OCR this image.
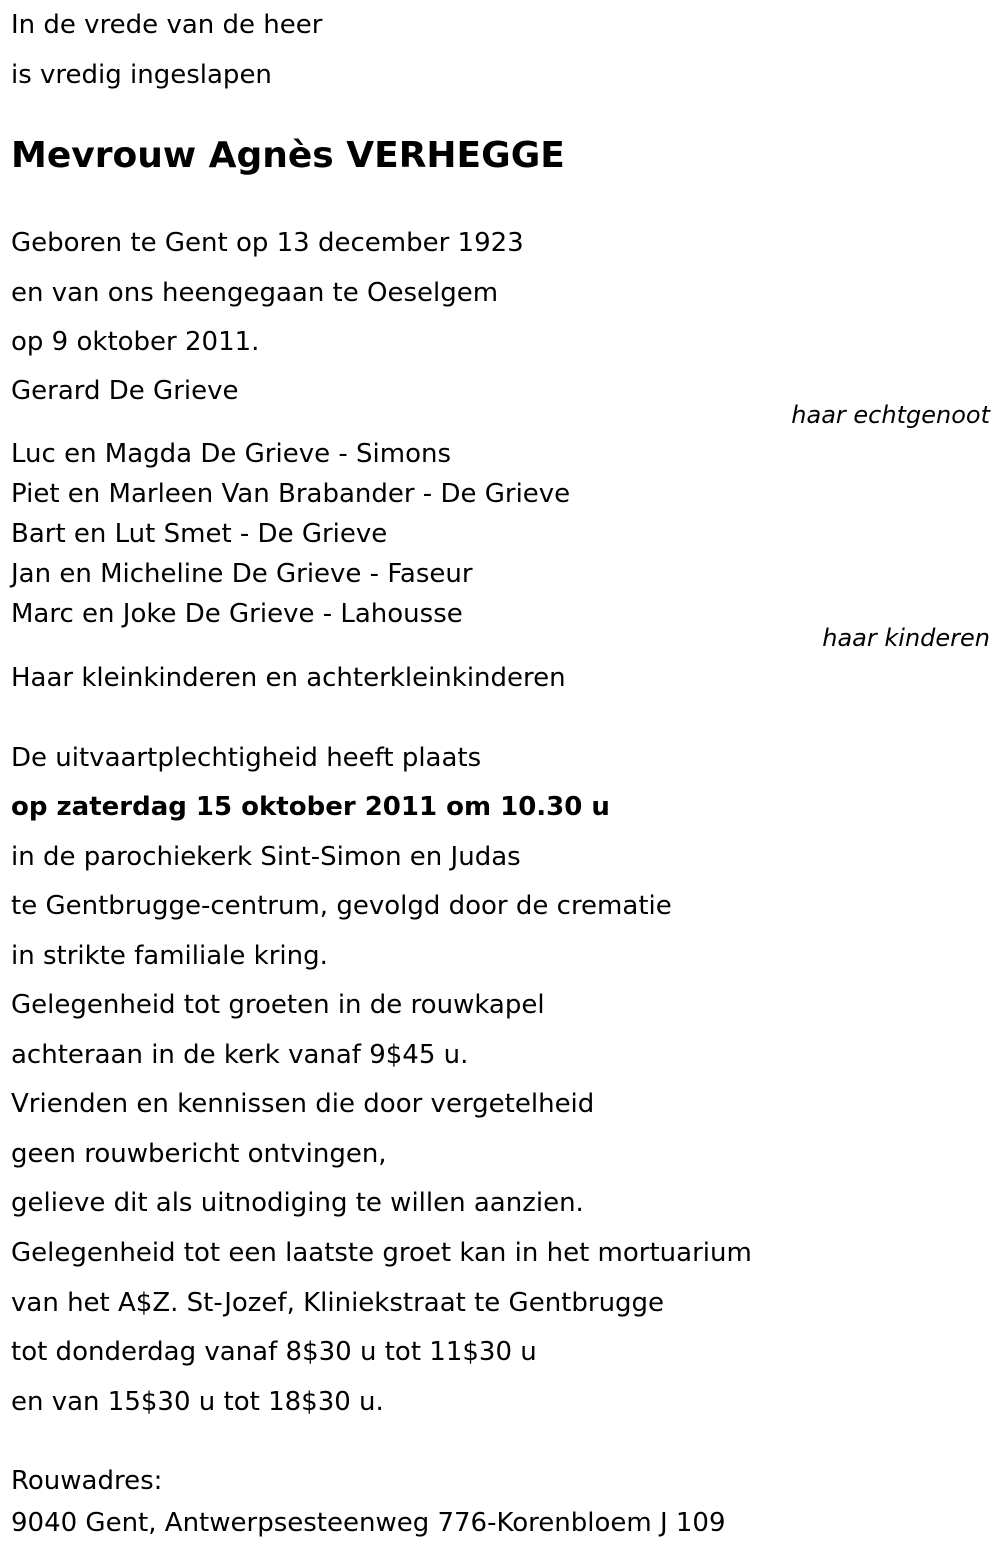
In de vrede van de heer
is vredig ingeslapen
Mevrouw Agnès VERHEGGE
Geboren te Gent op 13 december 1923
en van ons heengegaan te Oeselgem
op 9 oktober 2011.
Gerard De Grieve
haar echtgenoot
Luc en Magda De Grieve - Simons
Piet en Marleen Van Brabander - De Grieve
Bart en Lut Smet - De Grieve
Jan en Micheline De Grieve - Faseur
Marc en Joke De Grieve - Lahousse
haar kinderen
Haar kleinkinderen en achterkleinkinderen
De uitvaartplechtigheid heeft plaats
op zaterdag 15 oktober 2011 om 10.30 u
in de parochiekerk Sint-Simon en Judas
te Gentbrugge-centrum, gevolgd door de crematie
in strikte familiale kring.
Gelegenheid tot groeten in de rouwkapel
achteraan in de kerk vanaf 9$45 u.
Vrienden en kennissen die door vergetelheid
geen rouwbericht ontvingen,
gelieve dit als uitnodiging te willen aanzien.
Gelegenheid tot een laatste groet kan in het mortuarium
van het A$Z. St-Jozef, Kliniekstraat te Gentbrugge
tot donderdag vanaf 8$30 u tot 11$30 u
en van 15$30 u tot 18$30 u.
Rouwadres:
9040 Gent, Antwerpsesteenweg 776-Korenbloem J 109
